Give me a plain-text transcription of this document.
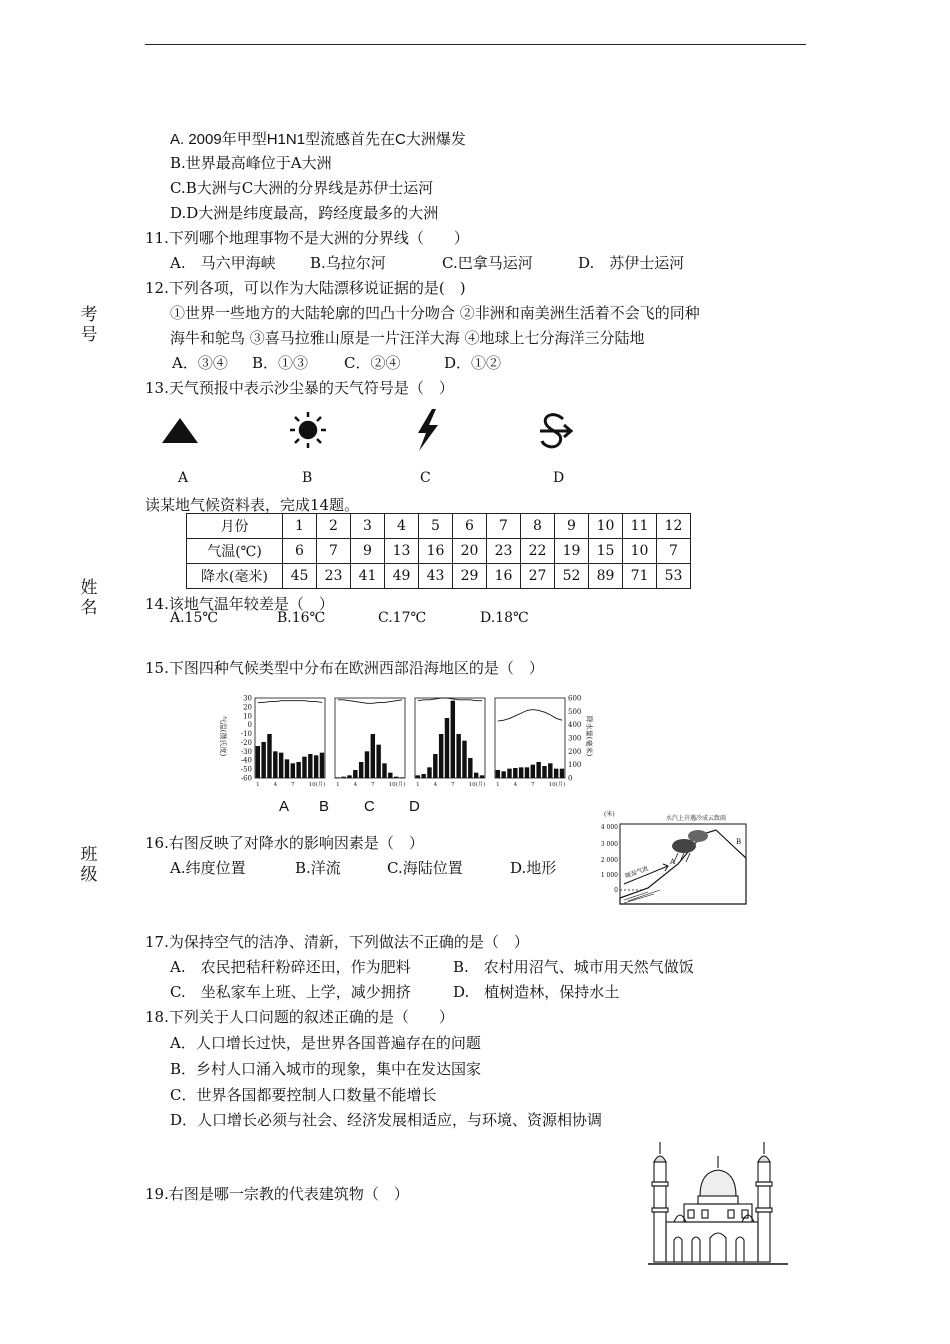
考号
姓名
班级
A. 2009年甲型H1N1型流感首先在C大洲爆发
B.世界最高峰位于A大洲
C.B大洲与C大洲的分界线是苏伊士运河
D.D大洲是纬度最高，跨经度最多的大洲
11.下列哪个地理事物不是大洲的分界线（　　）
A.　马六甲海峡 B.乌拉尔河	C.巴拿马运河	D.　苏伊士运河
12.下列各项，可以作为大陆漂移说证据的是(　)
①世界一些地方的大陆轮廓的凹凸十分吻合 ②非洲和南美洲生活着不会飞的同种
海牛和鸵鸟 ③喜马拉雅山原是一片汪洋大海 ④地球上七分海洋三分陆地
A．③④ B．①③ C．②④	D．①②
13.天气预报中表示沙尘暴的天气符号是（　）
A	B	C	D
读某地气候资料表，完成14题。
月份	1	2	3	4	5	6	7	8	9	10	11	12
气温(℃)	6	7	9	13	16	20	23	22	19	15	10	7
降水(毫米)	45	23	41	49	43	29	16	27	52	89	71	53
14.该地气温年较差是（　）
A.15℃	B.16℃	C.17℃	D.18℃
15.下图四种气候类型中分布在欧洲西部沿海地区的是（　）
气温(摄氏度)	降水量(毫米)
30
20
10
0
-10
-20
-30
-40
-50
-60
600
500
400
300
200
100
0
1	4	7	10(月) 1	4	7	10(月) 1	4	7	10(月) 1	4	7	10(月)
A B C D
16.右图反映了对降水的影响因素是（　）
A.纬度位置	B.洋流	C.海陆位置	D.地形
(米)
4 000
3 000
2 000
1 000
0
水汽上升遇冷成云致雨
暖湿气流
A
B
17.为保持空气的洁净、清新，下列做法不正确的是（　）
A.　农民把秸秆粉碎还田，作为肥料	B.　农村用沼气、城市用天然气做饭
C.　坐私家车上班、上学，减少拥挤	D.　植树造林，保持水土
18.下列关于人口问题的叙述正确的是（　　）
A．人口增长过快，是世界各国普遍存在的问题
B．乡村人口涌入城市的现象，集中在发达国家
C．世界各国都要控制人口数量不能增长
D．人口增长必须与社会、经济发展相适应，与环境、资源相协调
19.右图是哪一宗教的代表建筑物（　）
